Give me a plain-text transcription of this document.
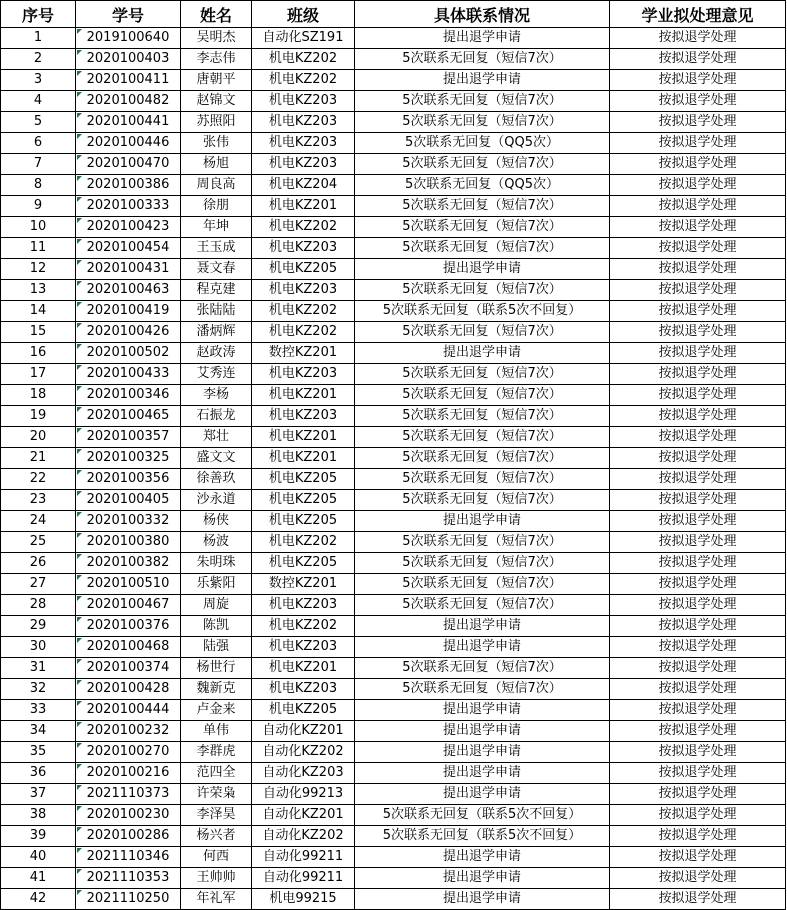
序号	学号	姓名	班级	具体联系情况	学业拟处理意见
1	2019100640	吴明杰	自动化SZ191	提出退学申请	按拟退学处理
2	2020100403	李志伟	机电KZ202	5次联系无回复（短信7次）	按拟退学处理
3	2020100411	唐朝平	机电KZ202	提出退学申请	按拟退学处理
4	2020100482	赵锦文	机电KZ203	5次联系无回复（短信7次）	按拟退学处理
5	2020100441	苏照阳	机电KZ203	5次联系无回复（短信7次）	按拟退学处理
6	2020100446	张伟	机电KZ203	5次联系无回复（QQ5次）	按拟退学处理
7	2020100470	杨旭	机电KZ203	5次联系无回复（短信7次）	按拟退学处理
8	2020100386	周良高	机电KZ204	5次联系无回复（QQ5次）	按拟退学处理
9	2020100333	徐朋	机电KZ201	5次联系无回复（短信7次）	按拟退学处理
10	2020100423	年坤	机电KZ202	5次联系无回复（短信7次）	按拟退学处理
11	2020100454	王玉成	机电KZ203	5次联系无回复（短信7次）	按拟退学处理
12	2020100431	聂文春	机电KZ205	提出退学申请	按拟退学处理
13	2020100463	程克建	机电KZ203	5次联系无回复（短信7次）	按拟退学处理
14	2020100419	张陆陆	机电KZ202	5次联系无回复（联系5次不回复）	按拟退学处理
15	2020100426	潘炳辉	机电KZ202	5次联系无回复（短信7次）	按拟退学处理
16	2020100502	赵政涛	数控KZ201	提出退学申请	按拟退学处理
17	2020100433	艾秀连	机电KZ203	5次联系无回复（短信7次）	按拟退学处理
18	2020100346	李杨	机电KZ201	5次联系无回复（短信7次）	按拟退学处理
19	2020100465	石振龙	机电KZ203	5次联系无回复（短信7次）	按拟退学处理
20	2020100357	郑壮	机电KZ201	5次联系无回复（短信7次）	按拟退学处理
21	2020100325	盛文文	机电KZ201	5次联系无回复（短信7次）	按拟退学处理
22	2020100356	徐善玖	机电KZ205	5次联系无回复（短信7次）	按拟退学处理
23	2020100405	沙永道	机电KZ205	5次联系无回复（短信7次）	按拟退学处理
24	2020100332	杨侠	机电KZ205	提出退学申请	按拟退学处理
25	2020100380	杨波	机电KZ202	5次联系无回复（短信7次）	按拟退学处理
26	2020100382	朱明珠	机电KZ205	5次联系无回复（短信7次）	按拟退学处理
27	2020100510	乐紫阳	数控KZ201	5次联系无回复（短信7次）	按拟退学处理
28	2020100467	周旋	机电KZ203	5次联系无回复（短信7次）	按拟退学处理
29	2020100376	陈凯	机电KZ202	提出退学申请	按拟退学处理
30	2020100468	陆强	机电KZ203	提出退学申请	按拟退学处理
31	2020100374	杨世行	机电KZ201	5次联系无回复（短信7次）	按拟退学处理
32	2020100428	魏新克	机电KZ203	5次联系无回复（短信7次）	按拟退学处理
33	2020100444	卢金来	机电KZ205	提出退学申请	按拟退学处理
34	2020100232	单伟	自动化KZ201	提出退学申请	按拟退学处理
35	2020100270	李群虎	自动化KZ202	提出退学申请	按拟退学处理
36	2020100216	范四全	自动化KZ203	提出退学申请	按拟退学处理
37	2021110373	许荣枭	自动化99213	提出退学申请	按拟退学处理
38	2020100230	李泽昊	自动化KZ201	5次联系无回复（联系5次不回复）	按拟退学处理
39	2020100286	杨兴者	自动化KZ202	5次联系无回复（联系5次不回复）	按拟退学处理
40	2021110346	何西	自动化99211	提出退学申请	按拟退学处理
41	2021110353	王帅帅	自动化99211	提出退学申请	按拟退学处理
42	2021110250	年礼军	机电99215	提出退学申请	按拟退学处理
